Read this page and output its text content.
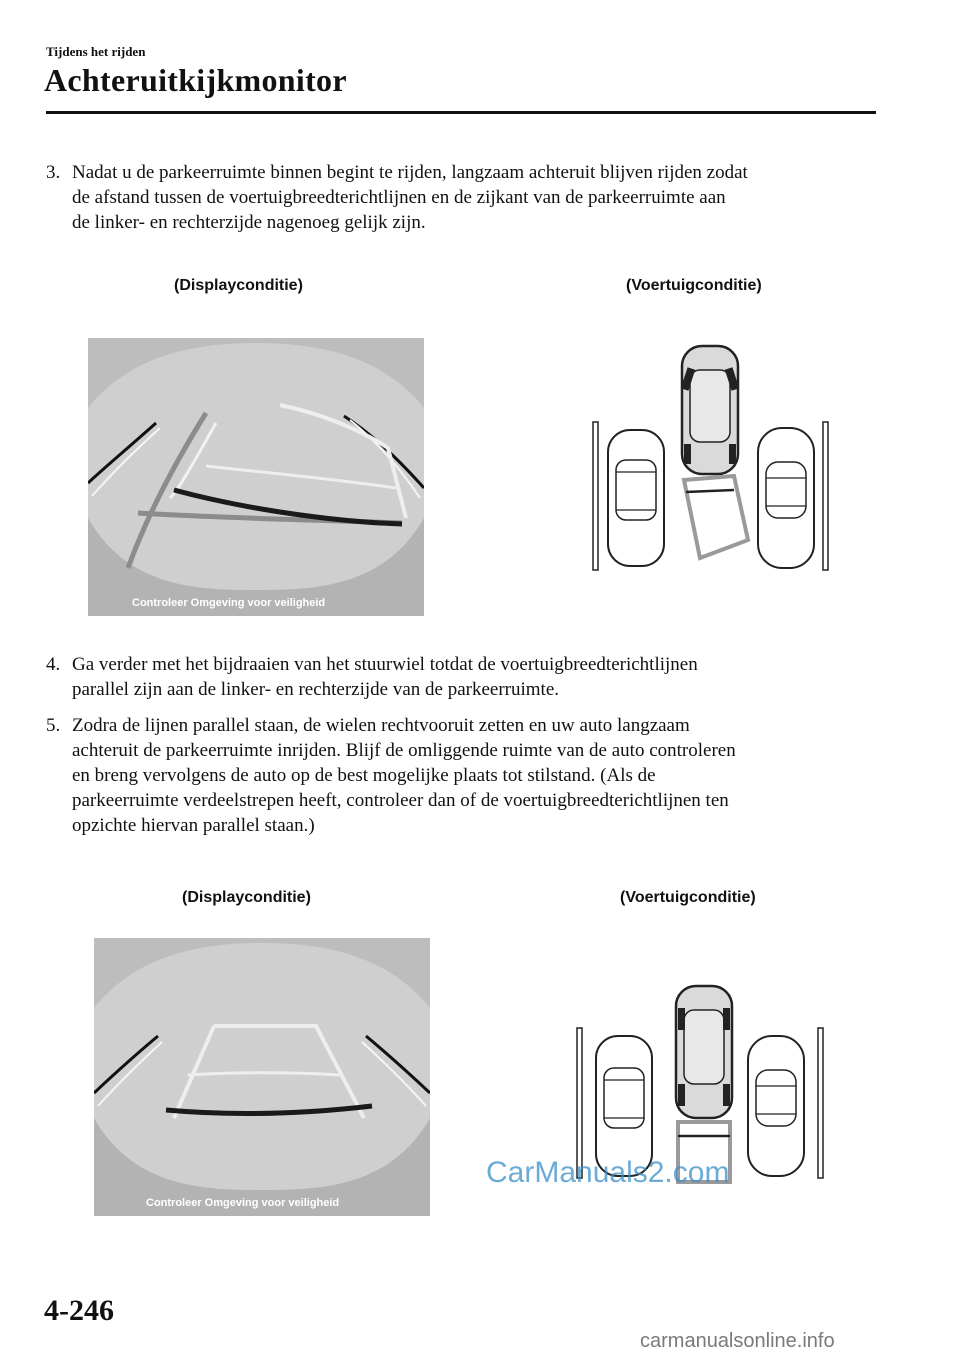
Tijdens het rijden
Achteruitkijkmonitor
3. Nadat u de parkeerruimte binnen begint te rijden, langzaam achteruit blijven rijden zodat
de afstand tussen de voertuigbreedterichtlijnen en de zijkant van de parkeerruimte aan
de linker- en rechterzijde nagenoeg gelijk zijn.
(Displayconditie)	(Voertuigconditie)
Controleer Omgeving voor veiligheid
4. Ga verder met het bijdraaien van het stuurwiel totdat de voertuigbreedterichtlijnen
parallel zijn aan de linker- en rechterzijde van de parkeerruimte.
5. Zodra de lijnen parallel staan, de wielen rechtvooruit zetten en uw auto langzaam
achteruit de parkeerruimte inrijden. Blijf de omliggende ruimte van de auto controleren
en breng vervolgens de auto op de best mogelijke plaats tot stilstand. (Als de
parkeerruimte verdeelstrepen heeft, controleer dan of de voertuigbreedterichtlijnen ten
opzichte hiervan parallel staan.)
(Displayconditie)	(Voertuigconditie)
Controleer Omgeving voor veiligheid
CarManuals2.com
4-246
carmanualsonline.info
